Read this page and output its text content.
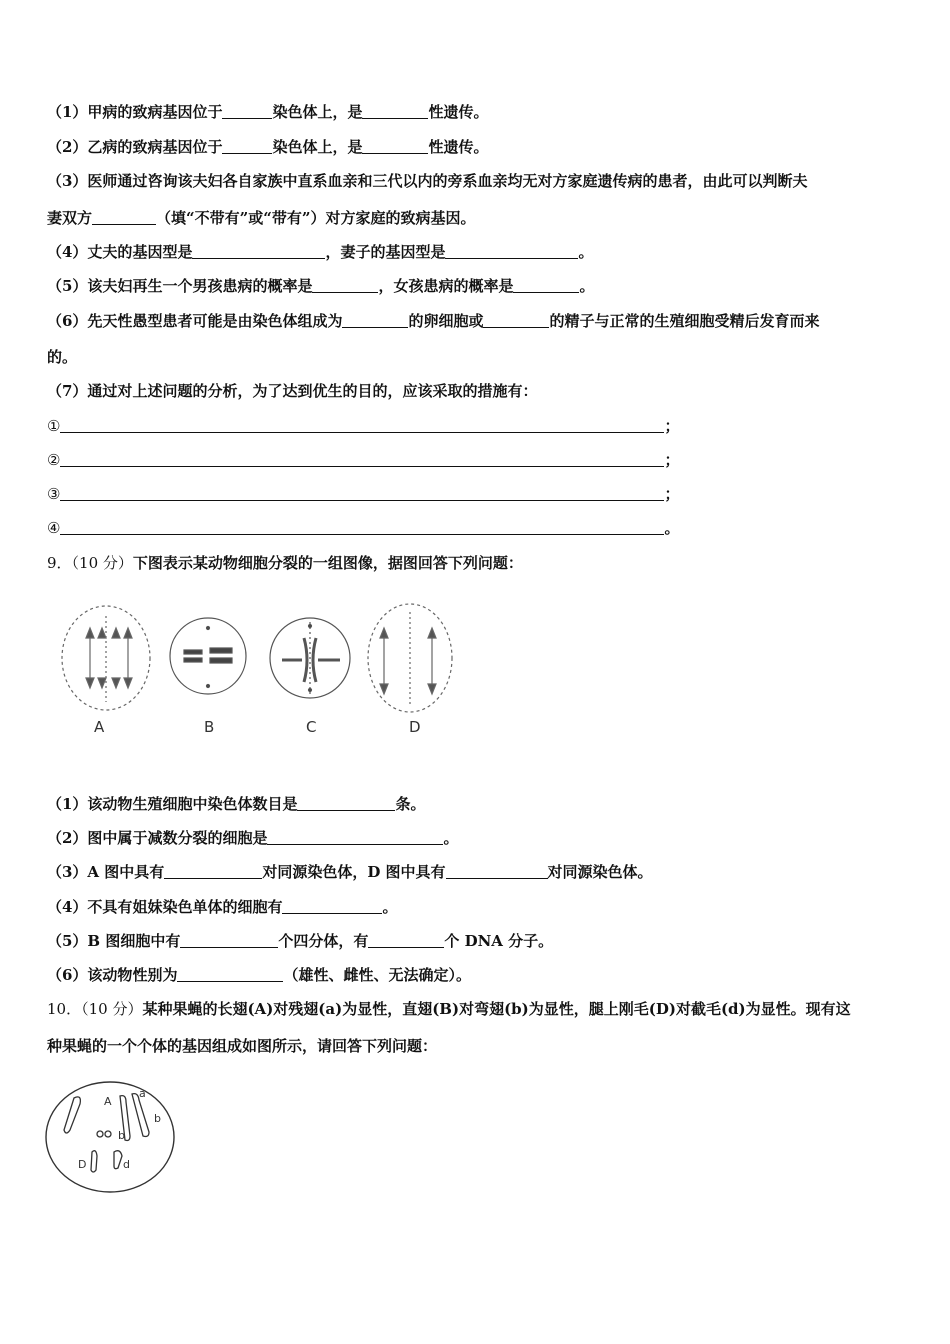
（1）甲病的致病基因位于	染色体上，是	性遗传。
（2）乙病的致病基因位于	染色体上，是	性遗传。
（3）医师通过咨询该夫妇各自家族中直系血亲和三代以内的旁系血亲均无对方家庭遗传病的患者，由此可以判断夫
妻双方	（填“不带有”或“带有”）对方家庭的致病基因。
（4）丈夫的基因型是	，妻子的基因型是	。
（5）该夫妇再生一个男孩患病的概率是	，女孩患病的概率是	。
（6）先天性愚型患者可能是由染色体组成为	的卵细胞或	的精子与正常的生殖细胞受精后发育而来
的。
（7）通过对上述问题的分析，为了达到优生的目的，应该采取的措施有：
①	；
②	；
③	；
④	。
9．（10 分）下图表示某动物细胞分裂的一组图像，据图回答下列问题：
A	B	C	D
（1）该动物生殖细胞中染色体数目是	条。
（2）图中属于减数分裂的细胞是	。
（3）A 图中具有	对同源染色体，D 图中具有	对同源染色体。
（4）不具有姐妹染色单体的细胞有	。
（5）B 图细胞中有	个四分体，有	个 DNA 分子。
（6）该动物性别为	（雄性、雌性、无法确定）。
10．（10 分）某种果蝇的长翅(A)对残翅(a)为显性，直翅(B)对弯翅(b)为显性，腿上刚毛(D)对截毛(d)为显性。现有这
种果蝇的一个个体的基因组成如图所示，请回答下列问题：
A
a
b
b
D	d
